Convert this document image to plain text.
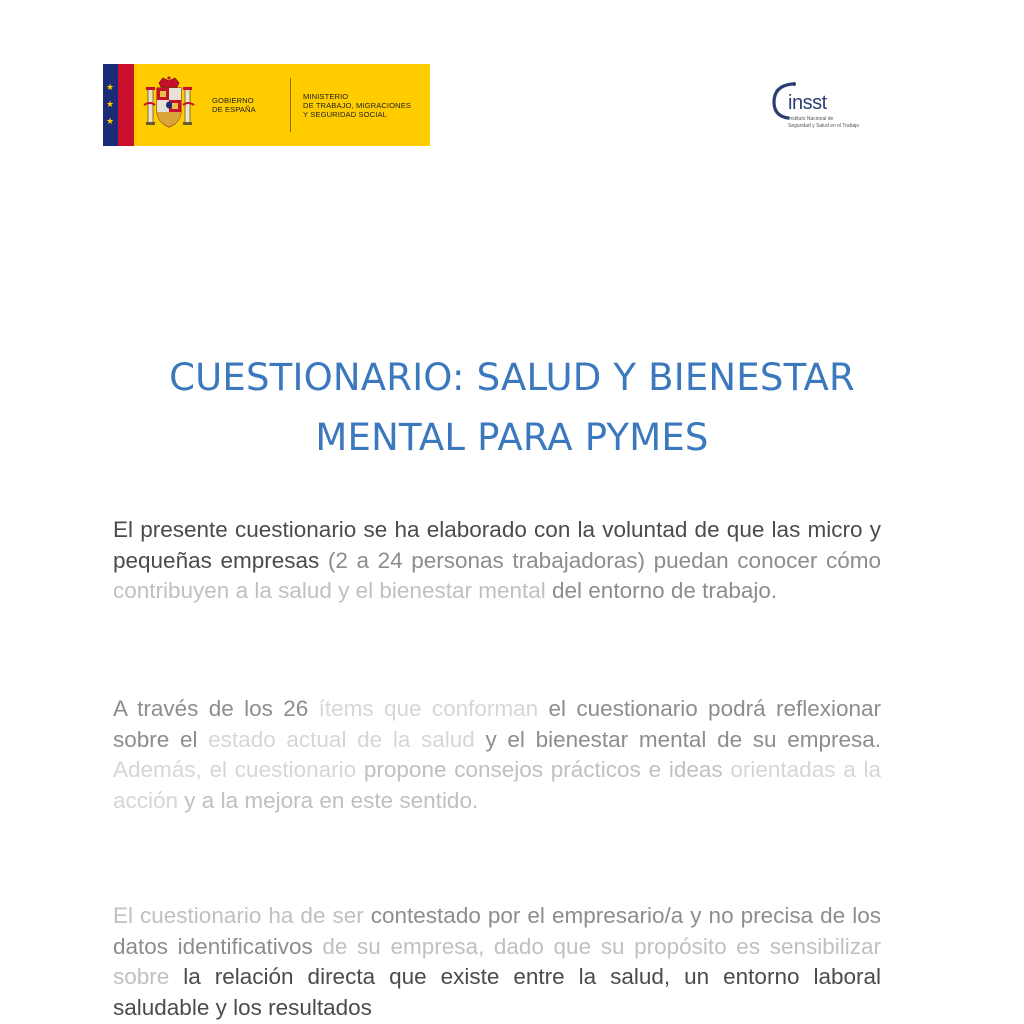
★
★
★
GOBIERNO
DE ESPAÑA
MINISTERIO
DE TRABAJO, MIGRACIONES
Y SEGURIDAD SOCIAL	insst
Instituto Nacional de
Seguridad y Salud en el Trabajo
CUESTIONARIO: SALUD Y BIENESTAR
MENTAL PARA PYMES

El presente cuestionario se ha elaborado con la voluntad de que las micro y pequeñas empresas (2 a 24 personas trabajadoras) puedan conocer cómo contribuyen a la salud y el bienestar mental del entorno de trabajo.

A través de los 26 ítems que conforman el cuestionario podrá reflexionar sobre el estado actual de la salud y el bienestar mental de su empresa. Además, el cuestionario propone consejos prácticos e ideas orientadas a la acción y a la mejora en este sentido.

El cuestionario ha de ser contestado por el empresario/a y no precisa de los datos identificativos de su empresa, dado que su propósito es sensibilizar sobre la relación directa que existe entre la salud, un entorno laboral saludable y los resultados
